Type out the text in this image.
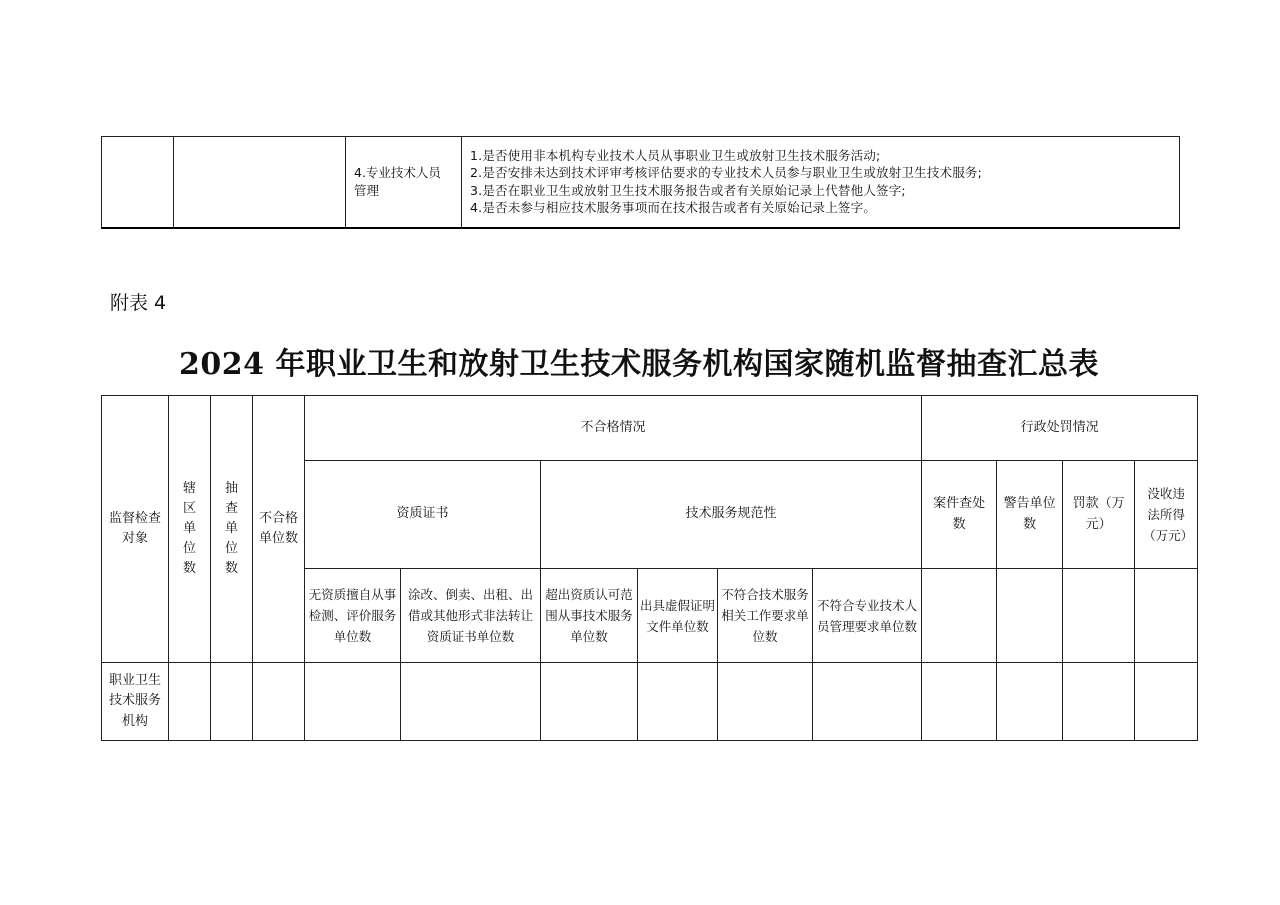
		4.专业技术人员管理	
1.是否使用非本机构专业技术人员从事职业卫生或放射卫生技术服务活动;
2.是否安排未达到技术评审考核评估要求的专业技术人员参与职业卫生或放射卫生技术服务;
3.是否在职业卫生或放射卫生技术服务报告或者有关原始记录上代替他人签字;
4.是否未参与相应技术服务事项而在技术报告或者有关原始记录上签字。
附表 4
2024 年职业卫生和放射卫生技术服务机构国家随机监督抽查汇总表
监督检查对象	辖区单位数	抽查单位数	不合格单位数	不合格情况						行政处罚情况			
				资质证书		技术服务规范性				案件查处数	警告单位数	罚款（万元）	没收违法所得（万元）
				无资质擅自从事检测、评价服务单位数	涂改、倒卖、出租、出借或其他形式非法转让资质证书单位数	超出资质认可范围从事技术服务单位数	出具虚假证明文件单位数	不符合技术服务相关工作要求单位数	不符合专业技术人员管理要求单位数				
职业卫生技术服务机构													
